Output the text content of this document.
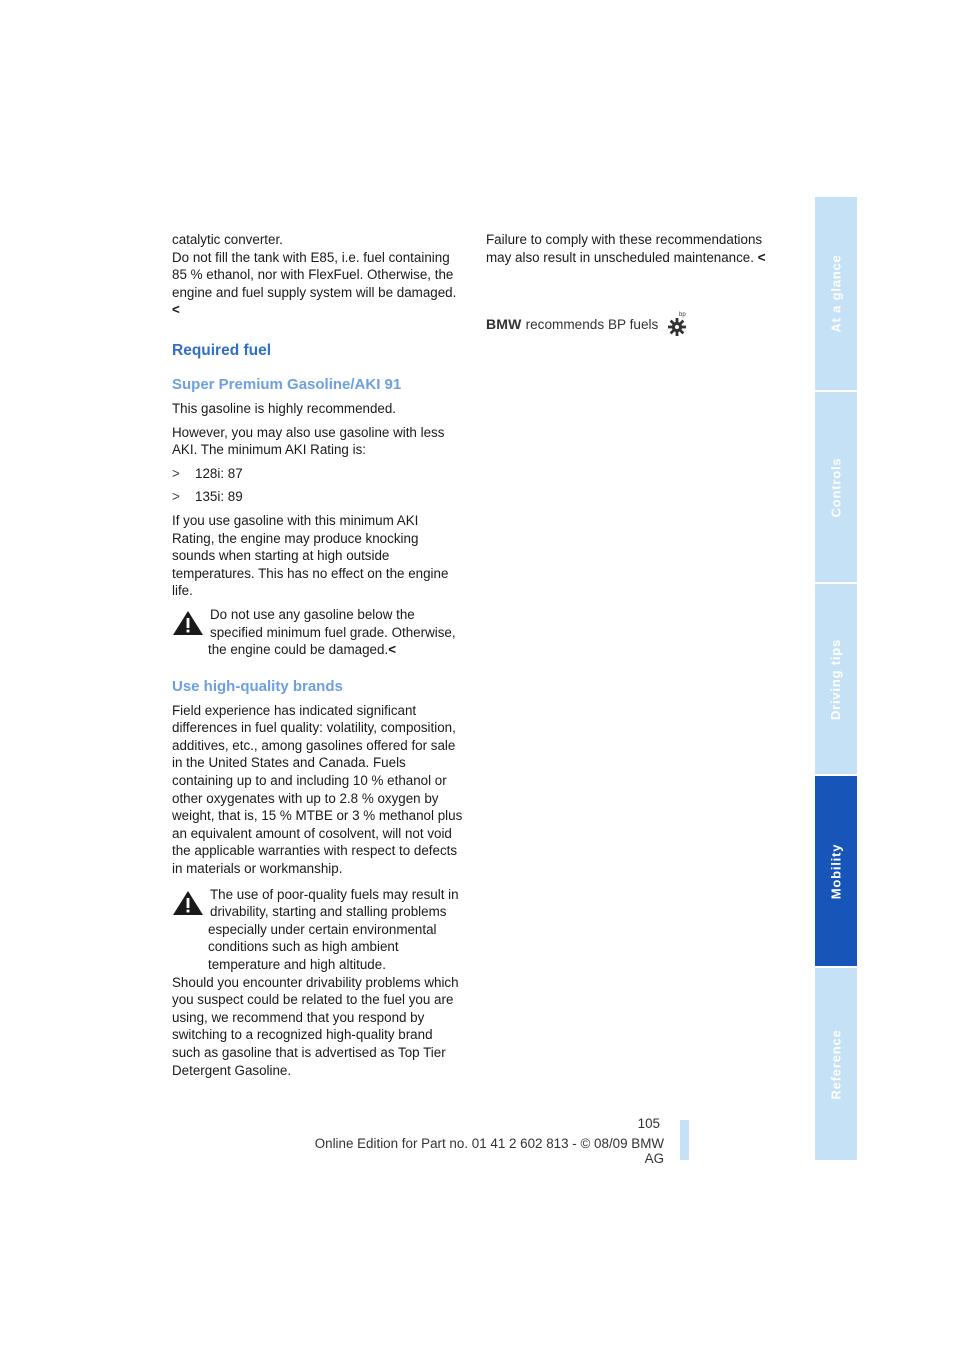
catalytic converter.

Do not fill the tank with E85, i.e. fuel containing 85 % ethanol, nor with FlexFuel. Otherwise, the engine and fuel supply system will be damaged.<

Required fuel
Super Premium Gasoline/AKI 91

This gasoline is highly recommended.

However, you may also use gasoline with less AKI. The minimum AKI Rating is:

> 128i: 87

> 135i: 89

If you use gasoline with this minimum AKI Rating, the engine may produce knocking sounds when starting at high outside temperatures. This has no effect on the engine life.

Do not use any gasoline below the specified minimum fuel grade. Otherwise, the engine could be damaged.<

Use high-quality brands

Field experience has indicated significant differences in fuel quality: volatility, composition, additives, etc., among gasolines offered for sale in the United States and Canada. Fuels containing up to and including 10 % ethanol or other oxygenates with up to 2.8 % oxygen by weight, that is, 15 % MTBE or 3 % methanol plus an equivalent amount of cosolvent, will not void the applicable warranties with respect to defects in materials or workmanship.

The use of poor-quality fuels may result in drivability, starting and stalling problems especially under certain environmental conditions such as high ambient temperature and high altitude.

Should you encounter drivability problems which you suspect could be related to the fuel you are using, we recommend that you respond by switching to a recognized high-quality brand such as gasoline that is advertised as Top Tier Detergent Gasoline.

Failure to comply with these recommendations may also result in unscheduled maintenance. <

BMW recommends BP fuels
bp	At a glance
Controls
Driving tips
Mobility
Reference
105
Online Edition for Part no. 01 41 2 602 813 - © 08/09 BMW AG
